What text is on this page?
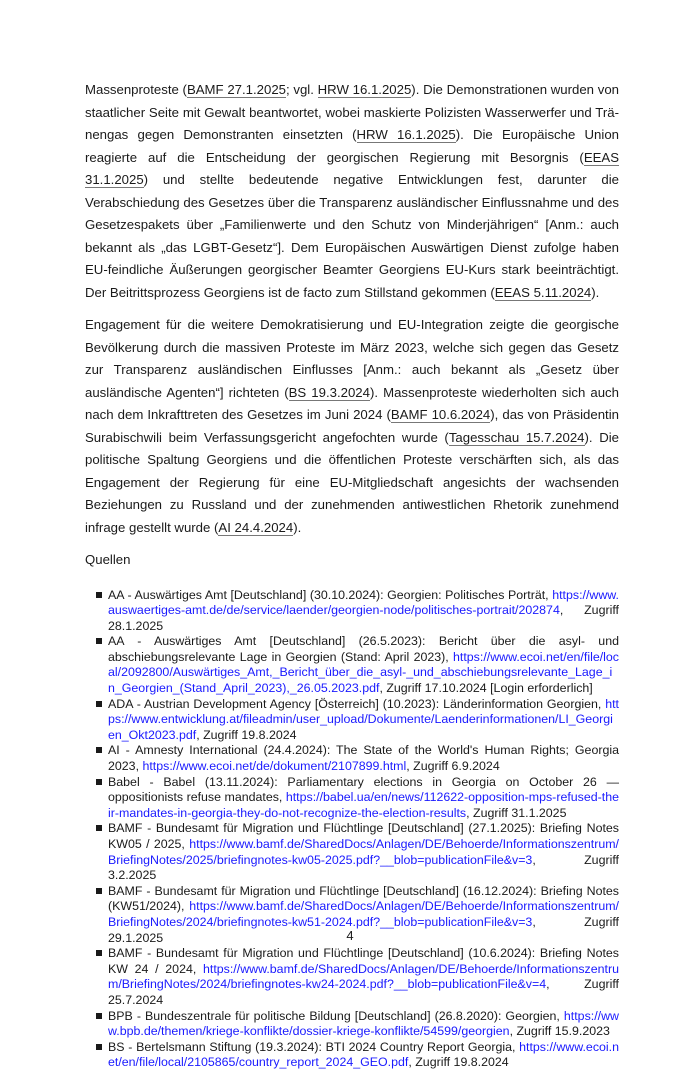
Massenproteste (BAMF 27.1.2025; vgl. HRW 16.1.2025). Die Demonstrationen wurden von staatlicher Seite mit Gewalt beantwortet, wobei maskierte Polizisten Wasserwerfer und Tränengas gegen Demonstranten einsetzten (HRW 16.1.2025). Die Europäische Union reagierte auf die Entscheidung der georgischen Regierung mit Besorgnis (EEAS 31.1.2025) und stellte bedeutende negative Entwicklungen fest, darunter die Verabschiedung des Gesetzes über die Transparenz ausländischer Einflussnahme und des Gesetzespakets über „Familienwerte und den Schutz von Minderjährigen“ [Anm.: auch bekannt als „das LGBT-Gesetz“]. Dem Europäischen Auswärtigen Dienst zufolge haben EU-feindliche Äußerungen georgischer Beamter Georgiens EU-Kurs stark beeinträchtigt. Der Beitrittsprozess Georgiens ist de facto zum Stillstand gekommen (EEAS 5.11.2024).

Engagement für die weitere Demokratisierung und EU-Integration zeigte die georgische Bevölkerung durch die massiven Proteste im März 2023, welche sich gegen das Gesetz zur Transparenz ausländischen Einflusses [Anm.: auch bekannt als „Gesetz über ausländische Agenten“] richteten (BS 19.3.2024). Massenproteste wiederholten sich auch nach dem Inkrafttreten des Gesetzes im Juni 2024 (BAMF 10.6.2024), das von Präsidentin Surabischwili beim Verfassungsgericht angefochten wurde (Tagesschau 15.7.2024). Die politische Spaltung Georgiens und die öffentlichen Proteste verschärften sich, als das Engagement der Regierung für eine EU-Mitgliedschaft angesichts der wachsenden Beziehungen zu Russland und der zunehmenden antiwestlichen Rhetorik zunehmend infrage gestellt wurde (AI 24.4.2024).

Quellen

AA - Auswärtiges Amt [Deutschland] (30.10.2024): Georgien: Politisches Porträt, https://www.auswaertiges-amt.de/de/service/laender/georgien-node/politisches-portrait/202874, Zugriff 28.1.2025
AA - Auswärtiges Amt [Deutschland] (26.5.2023): Bericht über die asyl- und abschiebungsrelevante Lage in Georgien (Stand: April 2023), https://www.ecoi.net/en/file/local/2092800/Auswärtiges_Amt,_Bericht_über_die_asyl-_und_abschiebungsrelevante_Lage_in_Georgien_(Stand_April_2023),_26.05.2023.pdf, Zugriff 17.10.2024 [Login erforderlich]
ADA - Austrian Development Agency [Österreich] (10.2023): Länderinformation Georgien, https://www.entwicklung.at/fileadmin/user_upload/Dokumente/Laenderinformationen/LI_Georgien_Okt2023.pdf, Zugriff 19.8.2024
AI - Amnesty International (24.4.2024): The State of the World's Human Rights; Georgia 2023, https://www.ecoi.net/de/dokument/2107899.html, Zugriff 6.9.2024
Babel - Babel (13.11.2024): Parliamentary elections in Georgia on October 26 — oppositionists refuse mandates, https://babel.ua/en/news/112622-opposition-mps-refused-their-mandates-in-georgia-they-do-not-recognize-the-election-results, Zugriff 31.1.2025
BAMF - Bundesamt für Migration und Flüchtlinge [Deutschland] (27.1.2025): Briefing Notes KW05 / 2025, https://www.bamf.de/SharedDocs/Anlagen/DE/Behoerde/Informationszentrum/BriefingNotes/2025/briefingnotes-kw05-2025.pdf?__blob=publicationFile&v=3, Zugriff 3.2.2025
BAMF - Bundesamt für Migration und Flüchtlinge [Deutschland] (16.12.2024): Briefing Notes (KW51/2024), https://www.bamf.de/SharedDocs/Anlagen/DE/Behoerde/Informationszentrum/BriefingNotes/2024/briefingnotes-kw51-2024.pdf?__blob=publicationFile&v=3, Zugriff 29.1.2025
BAMF - Bundesamt für Migration und Flüchtlinge [Deutschland] (10.6.2024): Briefing Notes KW 24 / 2024, https://www.bamf.de/SharedDocs/Anlagen/DE/Behoerde/Informationszentrum/BriefingNotes/2024/briefingnotes-kw24-2024.pdf?__blob=publicationFile&v=4, Zugriff 25.7.2024
BPB - Bundeszentrale für politische Bildung [Deutschland] (26.8.2020): Georgien, https://www.bpb.de/themen/kriege-konflikte/dossier-kriege-konflikte/54599/georgien, Zugriff 15.9.2023
BS - Bertelsmann Stiftung (19.3.2024): BTI 2024 Country Report Georgia, https://www.ecoi.net/en/file/local/2105865/country_report_2024_GEO.pdf, Zugriff 19.8.2024
4
